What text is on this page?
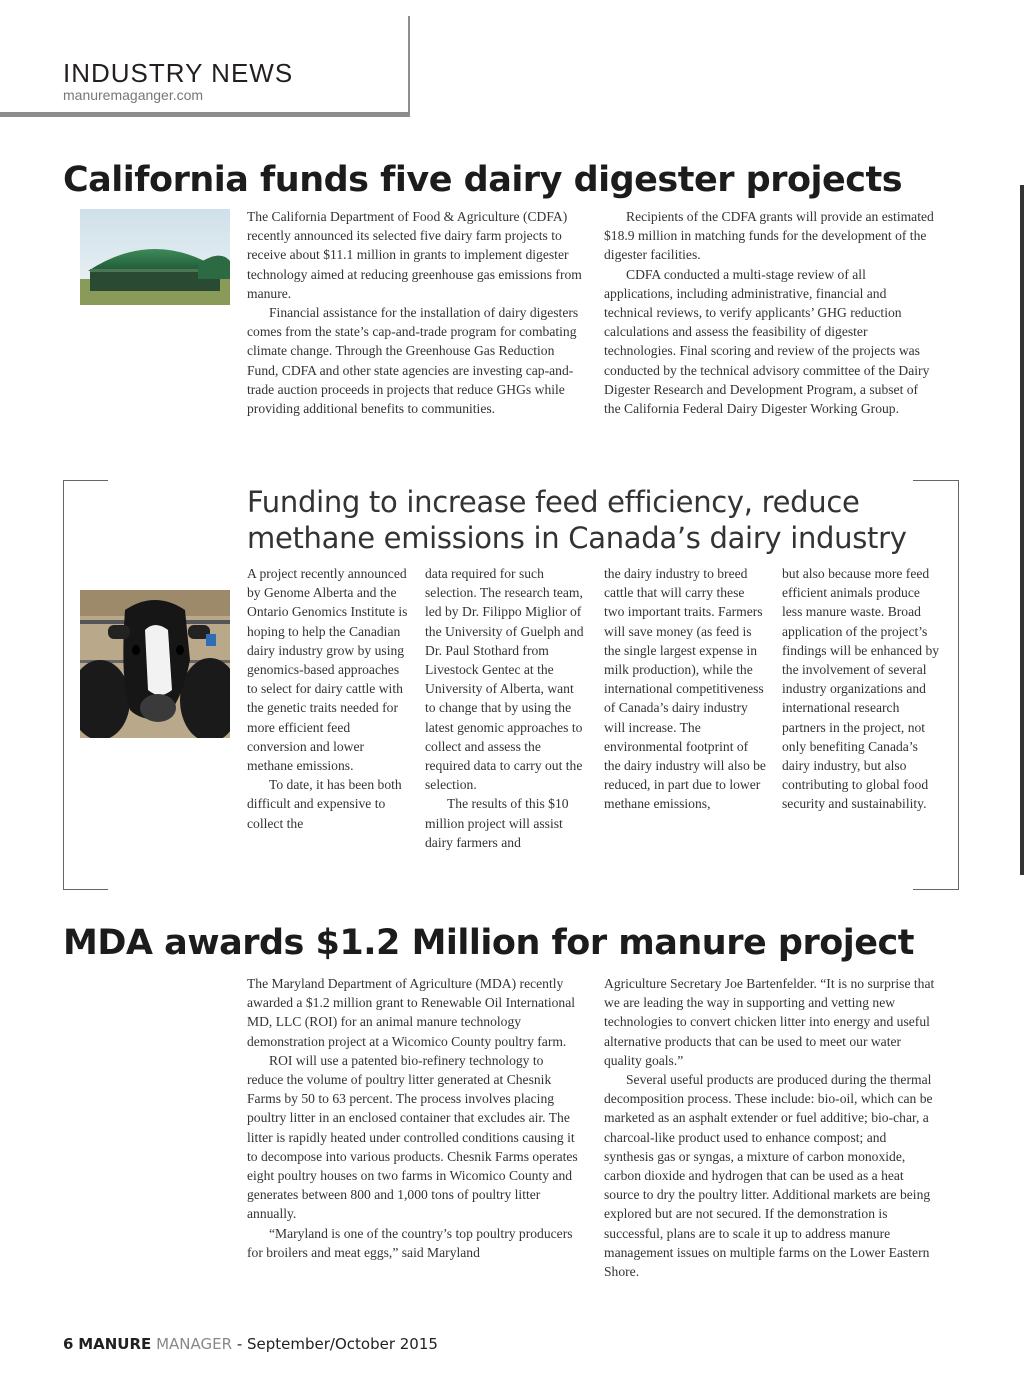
INDUSTRY NEWS
manuremaganger.com
California funds five dairy digester projects

The California Department of Food & Agriculture (CDFA) recently announced its selected five dairy farm projects to receive about $11.1 million in grants to implement digester technology aimed at reducing greenhouse gas emissions from manure.

Financial assistance for the installation of dairy digesters comes from the state’s cap-and-trade program for combating climate change. Through the Greenhouse Gas Reduction Fund, CDFA and other state agencies are investing cap-and-trade auction proceeds in projects that reduce GHGs while providing additional benefits to communities.

Recipients of the CDFA grants will provide an estimated $18.9 million in matching funds for the development of the digester facilities.

CDFA conducted a multi-stage review of all applications, including administrative, financial and technical reviews, to verify applicants’ GHG reduction calculations and assess the feasibility of digester technologies. Final scoring and review of the projects was conducted by the technical advisory committee of the Dairy Digester Research and Development Program, a subset of the California Federal Dairy Digester Working Group.

Funding to increase feed efficiency, reduce
methane emissions in Canada’s dairy industry

A project recently announced by Genome Alberta and the Ontario Genomics Institute is hoping to help the Canadian dairy industry grow by using genomics-based approaches to select for dairy cattle with the genetic traits needed for more efficient feed conversion and lower methane emissions.

To date, it has been both difficult and expensive to collect the

data required for such selection. The research team, led by Dr. Filippo Miglior of the University of Guelph and Dr. Paul Stothard from Livestock Gentec at the University of Alberta, want to change that by using the latest genomic approaches to collect and assess the required data to carry out the selection.

The results of this $10 million project will assist dairy farmers and

the dairy industry to breed cattle that will carry these two important traits. Farmers will save money (as feed is the single largest expense in milk production), while the international competitiveness of Canada’s dairy industry will increase. The environmental footprint of the dairy industry will also be reduced, in part due to lower methane emissions,

but also because more feed efficient animals produce less manure waste. Broad application of the project’s findings will be enhanced by the involvement of several industry organizations and international research partners in the project, not only benefiting Canada’s dairy industry, but also contributing to global food security and sustainability.

MDA awards $1.2 Million for manure project

The Maryland Department of Agriculture (MDA) recently awarded a $1.2 million grant to Renewable Oil International MD, LLC (ROI) for an animal manure technology demonstration project at a Wicomico County poultry farm.

ROI will use a patented bio-refinery technology to reduce the volume of poultry litter generated at Chesnik Farms by 50 to 63 percent. The process involves placing poultry litter in an enclosed container that excludes air. The litter is rapidly heated under controlled conditions causing it to decompose into various products. Chesnik Farms operates eight poultry houses on two farms in Wicomico County and generates between 800 and 1,000 tons of poultry litter annually.

“Maryland is one of the country’s top poultry producers for broilers and meat eggs,” said Maryland

Agriculture Secretary Joe Bartenfelder. “It is no surprise that we are leading the way in supporting and vetting new technologies to convert chicken litter into energy and useful alternative products that can be used to meet our water quality goals.”

Several useful products are produced during the thermal decomposition process. These include: bio-oil, which can be marketed as an asphalt extender or fuel additive; bio-char, a charcoal-like product used to enhance compost; and synthesis gas or syngas, a mixture of carbon monoxide, carbon dioxide and hydrogen that can be used as a heat source to dry the poultry litter. Additional markets are being explored but are not secured. If the demonstration is successful, plans are to scale it up to address manure management issues on multiple farms on the Lower Eastern Shore.

6 MANURE MANAGER - September/October 2015
